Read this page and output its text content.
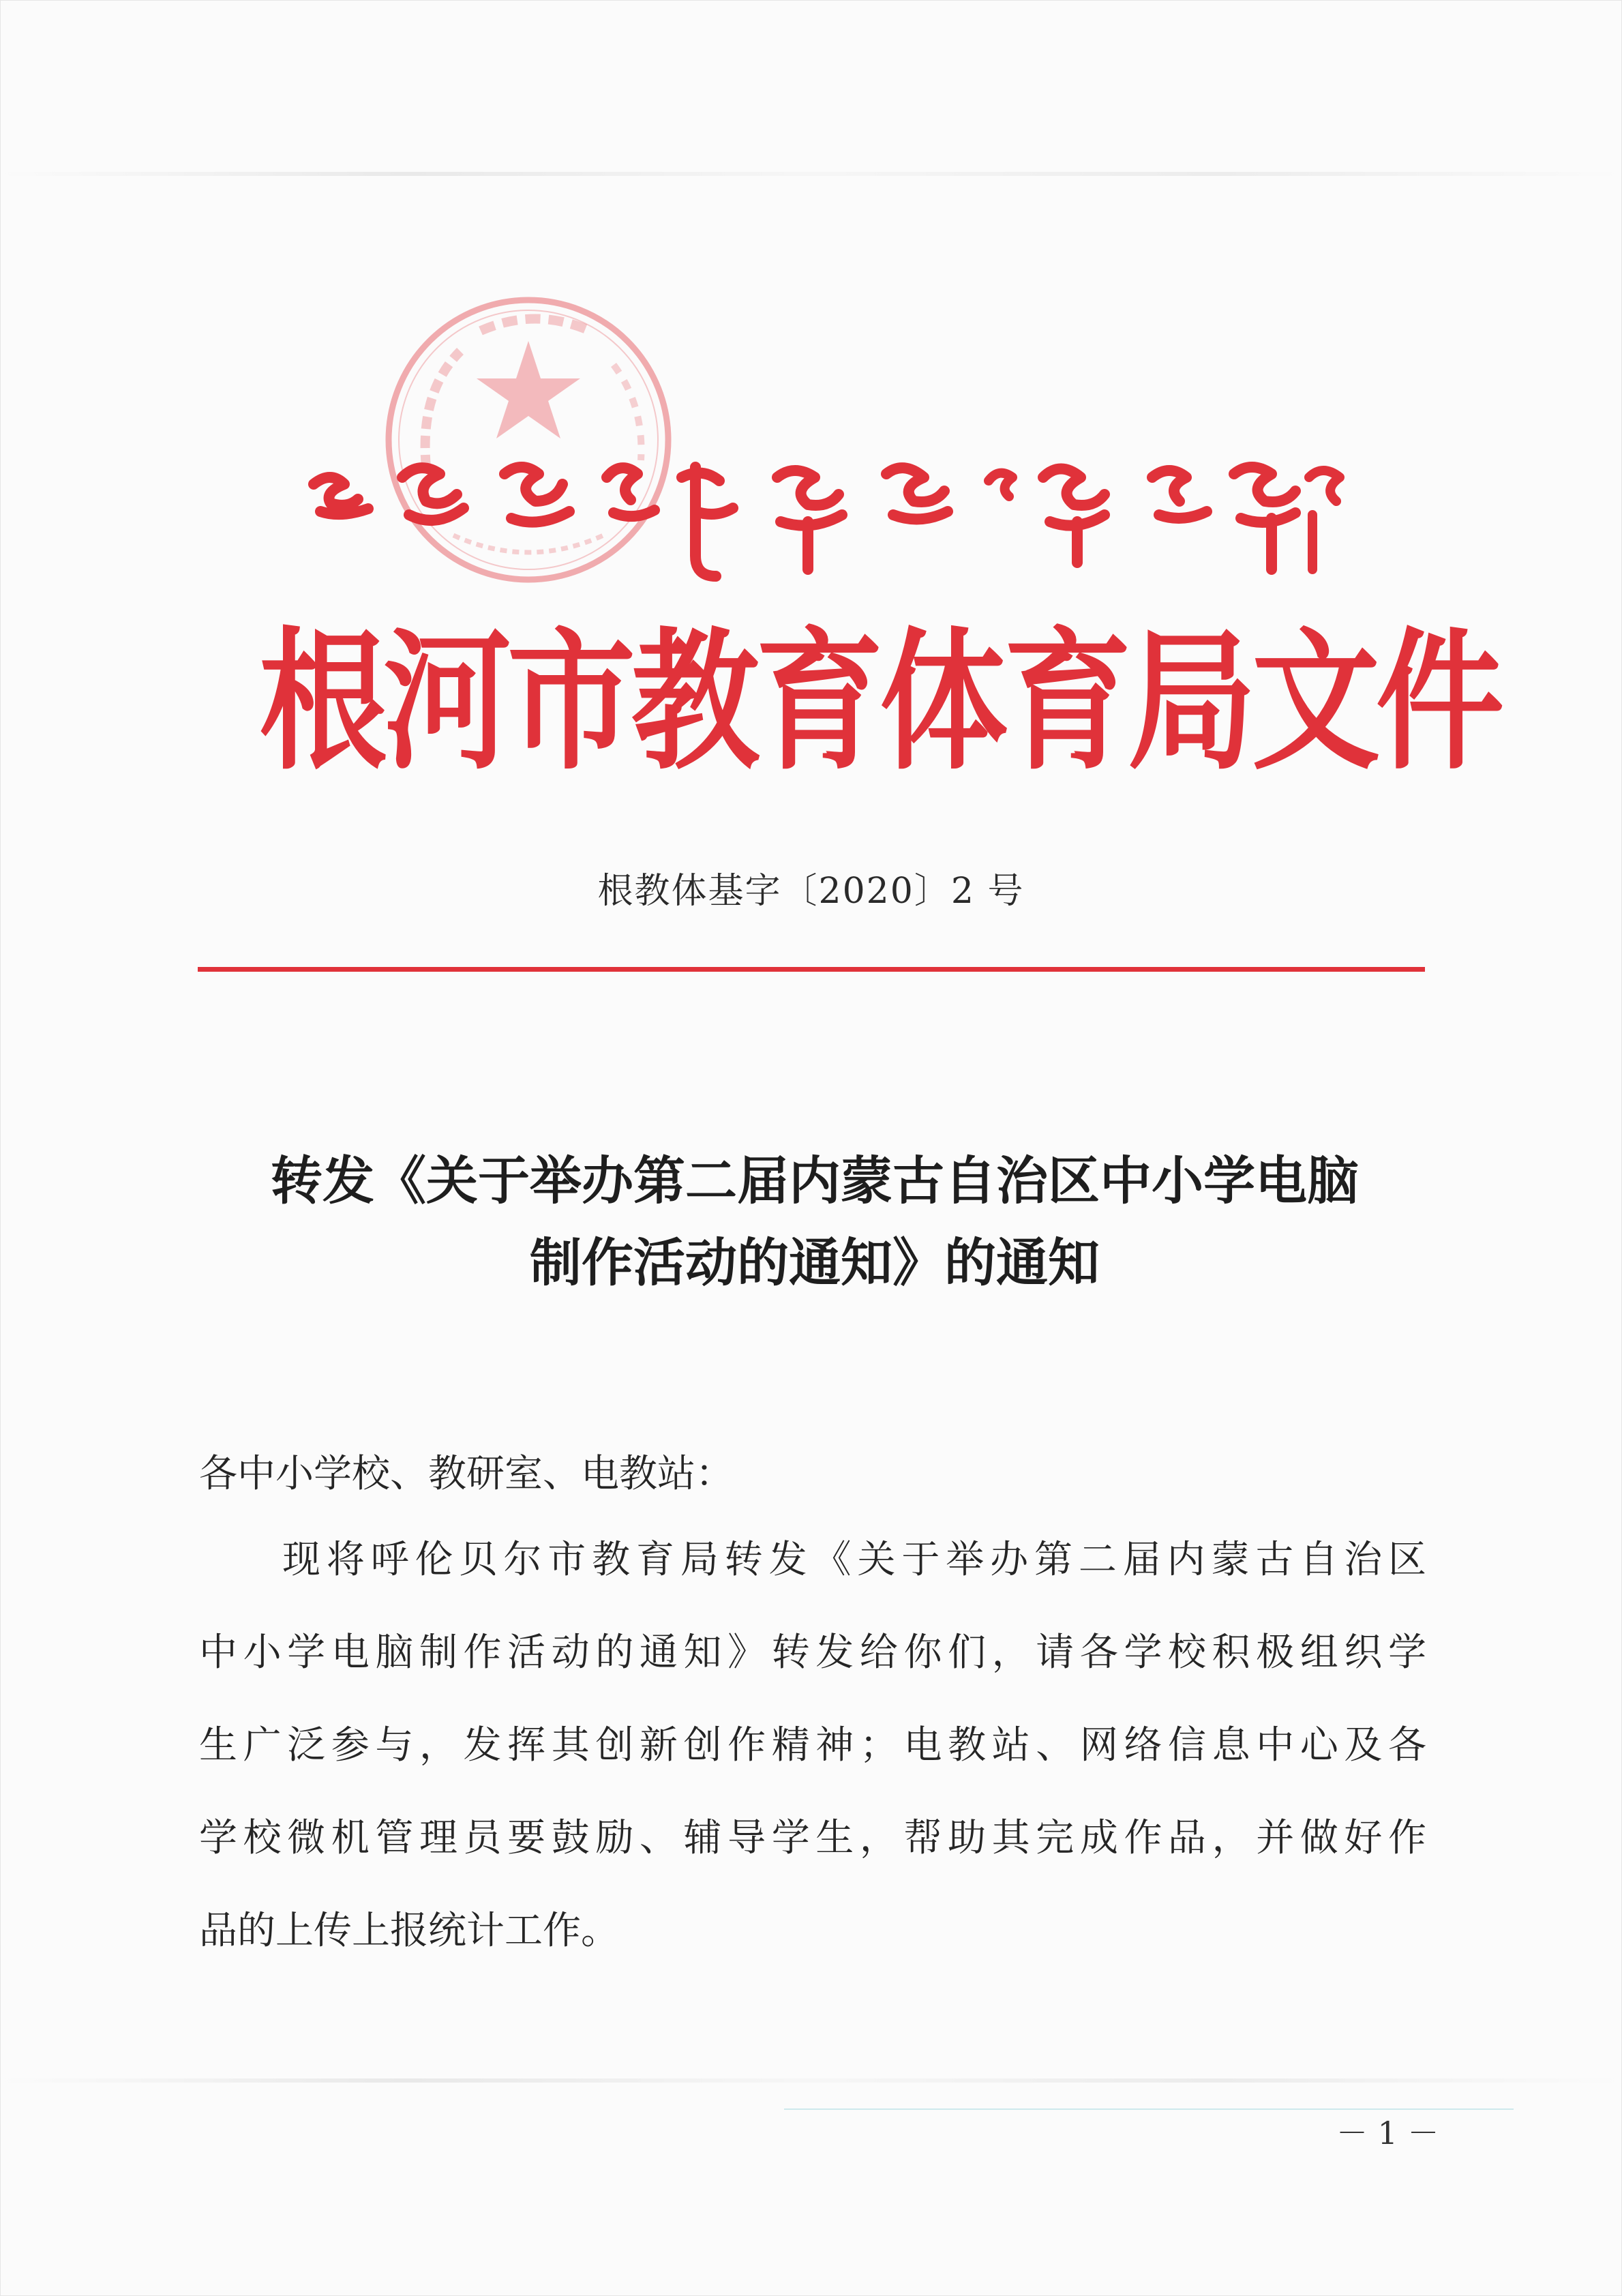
根河市教育体育局文件
根教体基字〔2020〕2 号
转发《关于举办第二届内蒙古自治区中小学电脑
制作活动的通知》的通知
各中小学校、教研室、电教站：
现将呼伦贝尔市教育局转发《关于举办第二届内蒙古自治区
中小学电脑制作活动的通知》转发给你们，请各学校积极组织学
生广泛参与，发挥其创新创作精神；电教站、网络信息中心及各
学校微机管理员要鼓励、辅导学生，帮助其完成作品，并做好作
品的上传上报统计工作。
－ 1 －
